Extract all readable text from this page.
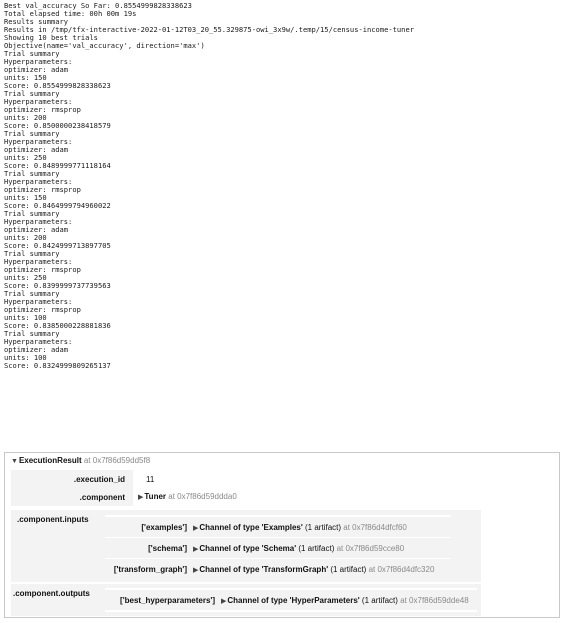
Best val_accuracy So Far: 0.8554999828338623
Total elapsed time: 00h 00m 19s
Results summary
Results in /tmp/tfx-interactive-2022-01-12T03_20_55.329875-owi_3x9w/.temp/15/census-income-tuner
Showing 10 best trials
Objective(name='val_accuracy', direction='max')
Trial summary
Hyperparameters:
optimizer: adam
units: 150
Score: 0.8554999828338623
Trial summary
Hyperparameters:
optimizer: rmsprop
units: 200
Score: 0.8500000238418579
Trial summary
Hyperparameters:
optimizer: adam
units: 250
Score: 0.8489999771118164
Trial summary
Hyperparameters:
optimizer: rmsprop
units: 150
Score: 0.8464999794960022
Trial summary
Hyperparameters:
optimizer: adam
units: 200
Score: 0.8424999713897705
Trial summary
Hyperparameters:
optimizer: rmsprop
units: 250
Score: 0.8399999737739563
Trial summary
Hyperparameters:
optimizer: rmsprop
units: 100
Score: 0.8385000228881836
Trial summary
Hyperparameters:
optimizer: adam
units: 100
Score: 0.8324999809265137
▼ExecutionResult at 0x7f86d59dd5f8
.execution_id	11
.component ▶Tuner at 0x7f86d59ddda0
.component.inputs
['examples'] ▶Channel of type 'Examples' (1 artifact) at 0x7f86d4dfcf60
['schema'] ▶Channel of type 'Schema' (1 artifact) at 0x7f86d59cce80
['transform_graph'] ▶Channel of type 'TransformGraph' (1 artifact) at 0x7f86d4dfc320
.component.outputs
['best_hyperparameters'] ▶Channel of type 'HyperParameters' (1 artifact) at 0x7f86d59dde48
